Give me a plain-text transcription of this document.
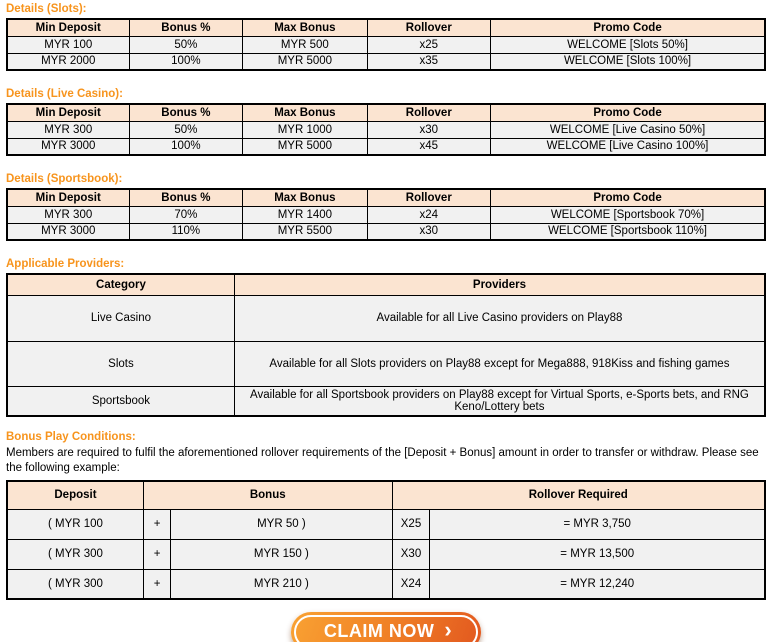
Details (Slots):
Min Deposit	Bonus %	Max Bonus	Rollover	Promo Code
MYR 100	50%	MYR 500	x25	WELCOME [Slots 50%]
MYR 2000	100%	MYR 5000	x35	WELCOME [Slots 100%]
Details (Live Casino):
Min Deposit	Bonus %	Max Bonus	Rollover	Promo Code
MYR 300	50%	MYR 1000	x30	WELCOME [Live Casino 50%]
MYR 3000	100%	MYR 5000	x45	WELCOME [Live Casino 100%]
Details (Sportsbook):
Min Deposit	Bonus %	Max Bonus	Rollover	Promo Code
MYR 300	70%	MYR 1400	x24	WELCOME [Sportsbook 70%]
MYR 3000	110%	MYR 5500	x30	WELCOME [Sportsbook 110%]
Applicable Providers:
Category	Providers
Live Casino	Available for all Live Casino providers on Play88
Slots	Available for all Slots providers on Play88 except for Mega888, 918Kiss and fishing games
Sportsbook	Available for all Sportsbook providers on Play88 except for Virtual Sports, e-Sports bets, and RNG Keno/Lottery bets
Bonus Play Conditions:

Members are required to fulfil the aforementioned rollover requirements of the [Deposit + Bonus] amount in order to transfer or withdraw. Please see the following example:

Deposit	Bonus		Rollover Required	
( MYR 100	+	MYR 50 )	X25	= MYR 3,750
( MYR 300	+	MYR 150 )	X30	= MYR 13,500
( MYR 300	+	MYR 210 )	X24	= MYR 12,240
CLAIM NOW ›
